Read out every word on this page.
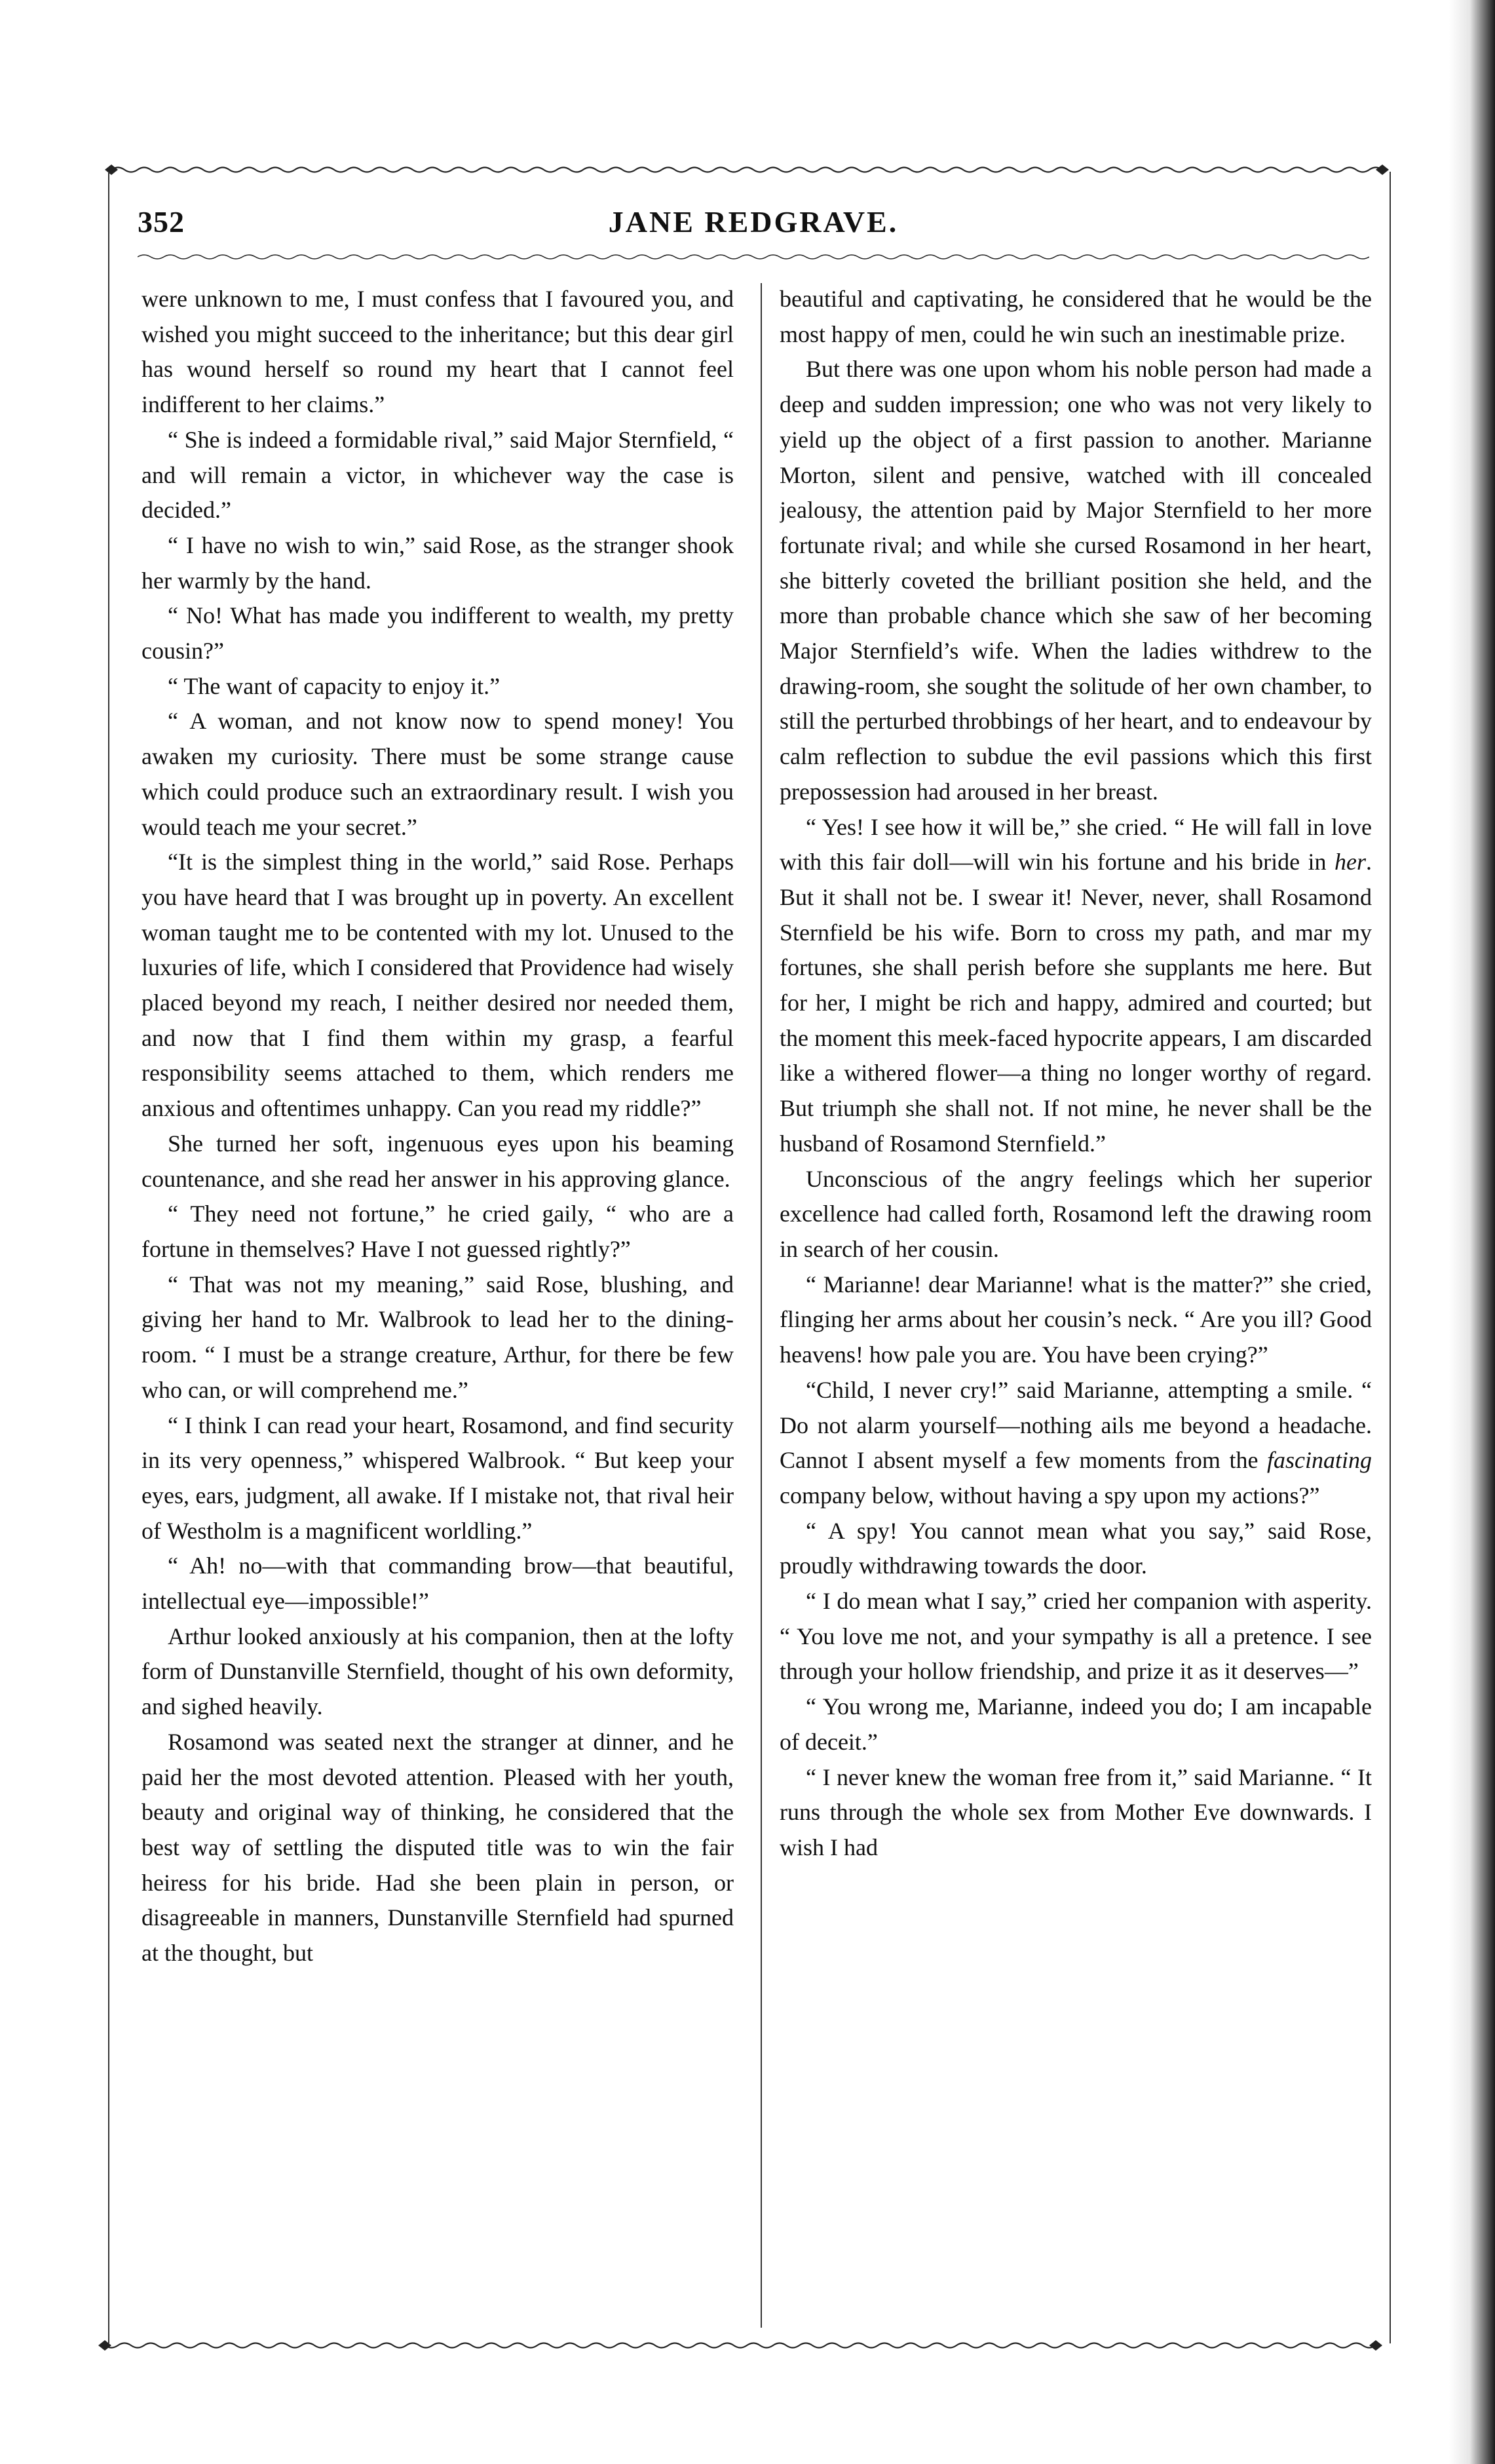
352	JANE REDGRAVE.

were unknown to me, I must confess that I favoured you, and wished you might succeed to the inheritance; but this dear girl has wound herself so round my heart that I cannot feel indifferent to her claims.”

“ She is indeed a formidable rival,” said Major Sternfield, “ and will remain a victor, in whichever way the case is decided.”

“ I have no wish to win,” said Rose, as the stranger shook her warmly by the hand.

“ No! What has made you indifferent to wealth, my pretty cousin?”

“ The want of capacity to enjoy it.”

“ A woman, and not know now to spend money! You awaken my curiosity. There must be some strange cause which could produce such an extraordinary result. I wish you would teach me your secret.”

“It is the simplest thing in the world,” said Rose. Perhaps you have heard that I was brought up in poverty. An excellent woman taught me to be contented with my lot. Unused to the luxuries of life, which I considered that Providence had wisely placed beyond my reach, I neither desired nor needed them, and now that I find them within my grasp, a fearful responsibility seems attached to them, which renders me anxious and oftentimes unhappy. Can you read my riddle?”

She turned her soft, ingenuous eyes upon his beaming countenance, and she read her answer in his approving glance.

“ They need not fortune,” he cried gaily, “ who are a fortune in themselves? Have I not guessed rightly?”

“ That was not my meaning,” said Rose, blushing, and giving her hand to Mr. Walbrook to lead her to the dining-room. “ I must be a strange creature, Arthur, for there be few who can, or will comprehend me.”

“ I think I can read your heart, Rosamond, and find security in its very openness,” whispered Walbrook. “ But keep your eyes, ears, judgment, all awake. If I mistake not, that rival heir of Westholm is a magnificent worldling.”

“ Ah! no—with that commanding brow—that beautiful, intellectual eye—impossible!”

Arthur looked anxiously at his companion, then at the lofty form of Dunstanville Sternfield, thought of his own deformity, and sighed heavily.

Rosamond was seated next the stranger at dinner, and he paid her the most devoted attention. Pleased with her youth, beauty and original way of thinking, he considered that the best way of settling the disputed title was to win the fair heiress for his bride. Had she been plain in person, or disagreeable in manners, Dunstanville Sternfield had spurned at the thought, but

beautiful and captivating, he considered that he would be the most happy of men, could he win such an inestimable prize.

But there was one upon whom his noble person had made a deep and sudden impression; one who was not very likely to yield up the object of a first passion to another. Marianne Morton, silent and pensive, watched with ill concealed jealousy, the attention paid by Major Sternfield to her more fortunate rival; and while she cursed Rosamond in her heart, she bitterly coveted the brilliant position she held, and the more than probable chance which she saw of her becoming Major Sternfield’s wife. When the ladies withdrew to the drawing-room, she sought the solitude of her own chamber, to still the perturbed throbbings of her heart, and to endeavour by calm reflection to subdue the evil passions which this first prepossession had aroused in her breast.

“ Yes! I see how it will be,” she cried. “ He will fall in love with this fair doll—will win his fortune and his bride in her. But it shall not be. I swear it! Never, never, shall Rosamond Sternfield be his wife. Born to cross my path, and mar my fortunes, she shall perish before she supplants me here. But for her, I might be rich and happy, admired and courted; but the moment this meek-faced hypocrite appears, I am discarded like a withered flower—a thing no longer worthy of regard. But triumph she shall not. If not mine, he never shall be the husband of Rosamond Sternfield.”

Unconscious of the angry feelings which her superior excellence had called forth, Rosamond left the drawing room in search of her cousin.

“ Marianne! dear Marianne! what is the matter?” she cried, flinging her arms about her cousin’s neck. “ Are you ill? Good heavens! how pale you are. You have been crying?”

“Child, I never cry!” said Marianne, attempting a smile. “ Do not alarm yourself—nothing ails me beyond a headache. Cannot I absent myself a few moments from the fascinating company below, without having a spy upon my actions?”

“ A spy! You cannot mean what you say,” said Rose, proudly withdrawing towards the door.

“ I do mean what I say,” cried her companion with asperity. “ You love me not, and your sympathy is all a pretence. I see through your hollow friendship, and prize it as it deserves—”

“ You wrong me, Marianne, indeed you do; I am incapable of deceit.”

“ I never knew the woman free from it,” said Marianne. “ It runs through the whole sex from Mother Eve downwards. I wish I had
